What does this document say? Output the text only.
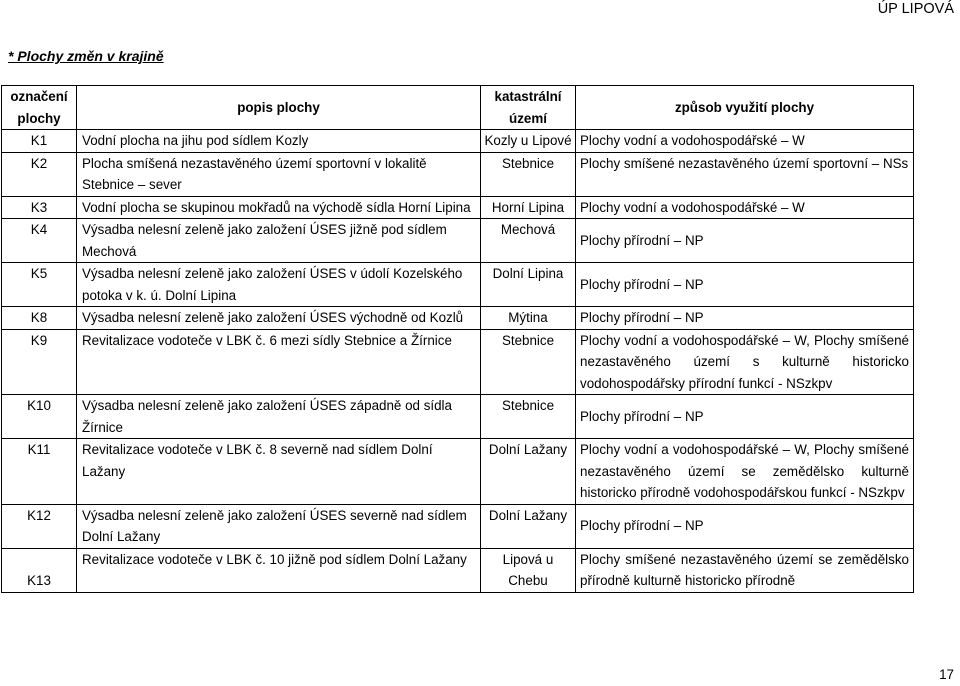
ÚP LIPOVÁ
* Plochy změn v krajině
označení plochy	popis plochy	katastrální území	způsob využití plochy
K1	Vodní plocha na jihu pod sídlem Kozly	Kozly u Lipové	Plochy vodní a vodohospodářské – W
K2	Plocha smíšená nezastavěného území sportovní v lokalitě Stebnice – sever	Stebnice	Plochy smíšené nezastavěného území sportovní – NSs
K3	Vodní plocha se skupinou mokřadů na východě sídla Horní Lipina	Horní Lipina	Plochy vodní a vodohospodářské – W
K4	Výsadba nelesní zeleně jako založení ÚSES jižně pod sídlem Mechová	Mechová	Plochy přírodní – NP
K5	Výsadba nelesní zeleně jako založení ÚSES v údolí Kozelského potoka v k. ú. Dolní Lipina	Dolní Lipina	Plochy přírodní – NP
K8	Výsadba nelesní zeleně jako založení ÚSES východně od Kozlů	Mýtina	Plochy přírodní – NP
K9	Revitalizace vodoteče v LBK č. 6 mezi sídly Stebnice a Žírnice	Stebnice	Plochy vodní a vodohospodářské – W, Plochy smíšené nezastavěného území s kulturně historicko vodohospodářsky přírodní funkcí - NSzkpv
K10	Výsadba nelesní zeleně jako založení ÚSES západně od sídla Žírnice	Stebnice	Plochy přírodní – NP
K11	Revitalizace vodoteče v LBK č. 8 severně nad sídlem Dolní Lažany	Dolní Lažany	Plochy vodní a vodohospodářské – W, Plochy smíšené nezastavěného území se zemědělsko kulturně historicko přírodně vodohospodářskou funkcí - NSzkpv
K12	Výsadba nelesní zeleně jako založení ÚSES severně nad sídlem Dolní Lažany	Dolní Lažany	Plochy přírodní – NP
K13	Revitalizace vodoteče v LBK č. 10 jižně pod sídlem Dolní Lažany	Lipová u Chebu	Plochy smíšené nezastavěného území se zemědělsko přírodně kulturně historicko přírodně
17
